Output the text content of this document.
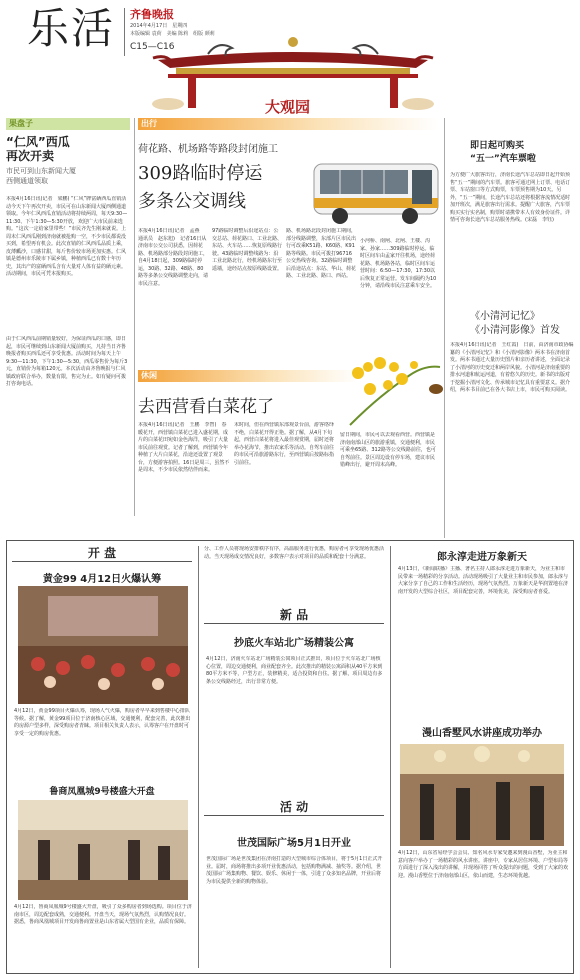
乐活 齐鲁晚报
2014年4月17日　星期四
本版编辑 袁荷　美编 陈莉　组版 颜莉
C15—C16
大观园
果盘子
“仁风”西瓜
再次开卖
市民可到山东新闻大厦
西侧通道领取
本报4月16日讯(记者　梁鹏) “仁风”牌富硒西瓜直销活动今天下午再次开卖，市民可在山东新闻大厦西侧通道领取。今年仁风西瓜直销活动将持续两周，每天9:30—11:30、下午1:30—5:30开放，欢迎广大市民前来选购。“这次一定给家里带些！”市民齐先生刚来就说。上周末仁风西瓜刚到济南就被抢购一空，不少市民都说没买到，希望再有机会。此次直销的仁风西瓜品质上乘，皮薄瓤沙，口感甘甜，每斤售价较市场更加实惠。仁风镇是德州市乐陵市下属乡镇，种植西瓜已有数十年历史，其出产的富硒西瓜含有大量对人体有益的硒元素。活动期间，市民可凭本报购买。
由于仁风西瓜前期销量较好，为保证西瓜的口感，即日起，市民可继续到山东新闻大厦前购买，凡持当日齐鲁晚报者购买西瓜还可享受优惠。活动时间为每天上午9:30—11:30，下午1:30—5:30，西瓜零售价为每斤3元，直销价为每箱120元。本次活动由齐鲁晚报与仁风镇政府联合举办，数量有限，售完为止。如有疑问可拨打咨询电话。
出行
荷花路、机场路等路段封闭施工
309路临时停运
多条公交调线
本报4月16日讯(记者　孟燕　通讯员　赵东旭)　记者16日从济南市公交公司获悉，因荷花路、机场路部分路段封闭施工，自4月18日起，309路临时停运，30路、32路、48路、80路等多条公交线路调整走向，请市民注意。
97路临时调整后沿途站点：公交总站、荷花路口、工业北路、东站、火车站……恢复原线路行驶。43路临时调整线路为：沿工业北路北行，经机场路东行至遥墙，途经站点按原线路设置。
路、机场路北段封闭施工期间，部分线路调整，东部片区市民出行可改乘K51路、K60路、K91路等线路。市民可拨打96716公交热线咨询。32路临时调整后沿途站点：东站、华山、荷花路、工业北路、路口、西站。
小河桥、南闸、北闸、王楼、沟家、孙家……309路临时停运。临时区间车由孟家开往机场，途经荷花路、机场路各站，临时区间车运营时间：6:50—17:30，17:30以后恢复正常运营。发车间隔约为10分钟，请沿线市民注意乘车安全。
休闲
去西营看白菜花了
本报4月16日讯(记者　王鹏　李智)　春暖花开，西营镇白菜花已进入盛花期，成片的白菜花田宛如金色海洋，吸引了大量市民前往观赏。记者了解到，西营镇今年种植了大片白菜花，沿途还设置了观景台，方便游客拍照。16日是周三，虽然不是周末，不少市民依然结伴而来。
末时间，但在西营镇东部观景台前，游客络绎不绝，白菜花开得正艳。据了解，从4月下旬起，西营白菜花将进入最佳观赏期，届时还将举办花海节，推出农家乐等活动。自驾车前往的市民可沿旅游路东行，至西营镇后按路标指引前往。
留日期间，市民可以去观看西营。西营镇是济南南部山区的旅游重镇，交通便利，市民可乘坐65路、312路等公交线路前往，也可自驾前往。景区周边设有停车场，建议市民错峰出行，避开周末高峰。
即日起可购买
“五一”汽车票啦
为方便广大旅客出行，济南长途汽车总站即日起开始预售“五一”期间的汽车票。旅客可通过网上订票、电话订票、车站窗口等方式购票，车票预售期为10天。另外，“五一”期间，长途汽车总站还将根据客流情况适时加开班次，满足旅客出行需求。提醒广大旅客，汽车票购买实行实名制，购票时请携带本人有效身份证件。详情可咨询长途汽车总站服务热线。(宋磊　李钰)
《小清河记忆》
《小清河影像》首发
本报4月16日讯(记者　王红霞)　日前，由济南市政协编纂的《小清河记忆》和《小清河影像》两本书在济南首发。两本书通过大量历史图片和亲历者讲述，全面记录了小清河的历史变迁和两岸风貌。小清河是济南重要的排水河道和航运河道，有着悠久的历史。新书的出版对于挖掘小清河文化、传承城市记忆具有重要意义。据介绍，两本书目前已在各大书店上市，市民可购买阅读。
开 盘
黄金99 4月12日火爆认筹
4月12日，黄金99项目火爆认筹，现场人气火爆，购房者早早来到售楼中心排队等候。据了解，黄金99项目位于济南核心区域，交通便利，配套完善，此次推出的房源户型多样，深受购房者青睐。项目相关负责人表示，认筹客户在开盘时可享受一定的购房优惠。
鲁商凤凰城9号楼盛大开盘
4月12日，鲁商凤凰城9号楼盛大开盘，吸引了众多购房者到场选购。项目位于济南市区，周边配套成熟，交通便利。开盘当天，现场气氛热烈，认购情况良好。据悉，鲁商凤凰城项目开发商鲁商置业是山东省属大型国有企业，品质有保障。
分、工作人员将现场安排秩序有序，高温服务进行优惠，购房者可享受现场优惠活动。当天现场成交情况良好，多数客户表示对项目的品质和配套十分满意。
新 品
抄底火车站北广场精装公寓
4月12日，济南火车站北广场精装公寓项目正式推出，项目位于火车站北广场核心位置，周边交通便利，商业配套齐全。此次推出的精装公寓面积从40平方米到80平方米不等，户型方正，装修精美，适合投资和自住。据了解，项目周边有多条公交线路经过，出行非常方便。
活 动
世茂国际广场5月1日开业
世茂国际广场是世茂集团在济南打造的大型城市综合体项目，将于5月1日正式开业。届时，商场将推出多项开业优惠活动，包括购物满减、抽奖等。据介绍，世茂国际广场集购物、餐饮、娱乐、休闲于一体，引进了众多知名品牌，开业后将为市民提供全新的购物体验。
郎永淳走进万象新天
4月13日，《新闻联播》主播、著名主持人郎永淳走进万象新天，为业主和市民带来一场精彩的分享活动。活动现场吸引了大量业主和市民参加，郎永淳与大家分享了自己的工作和生活经历，现场气氛热烈。万象新天是华润置地在济南开发的大型综合社区，项目配套完善，环境优美，深受购房者喜爱。
漫山香墅风水讲座成功举办
4月12日，山东省易经学会会员、知名风水专家受邀来到漫山香墅，为业主和意向客户举办了一场精彩的风水讲座。讲座中，专家从居住环境、户型布局等方面进行了深入浅出的讲解，并现场回答了听众提出的问题，受到了大家的欢迎。漫山香墅位于济南南部山区，依山而建，生态环境优越。
